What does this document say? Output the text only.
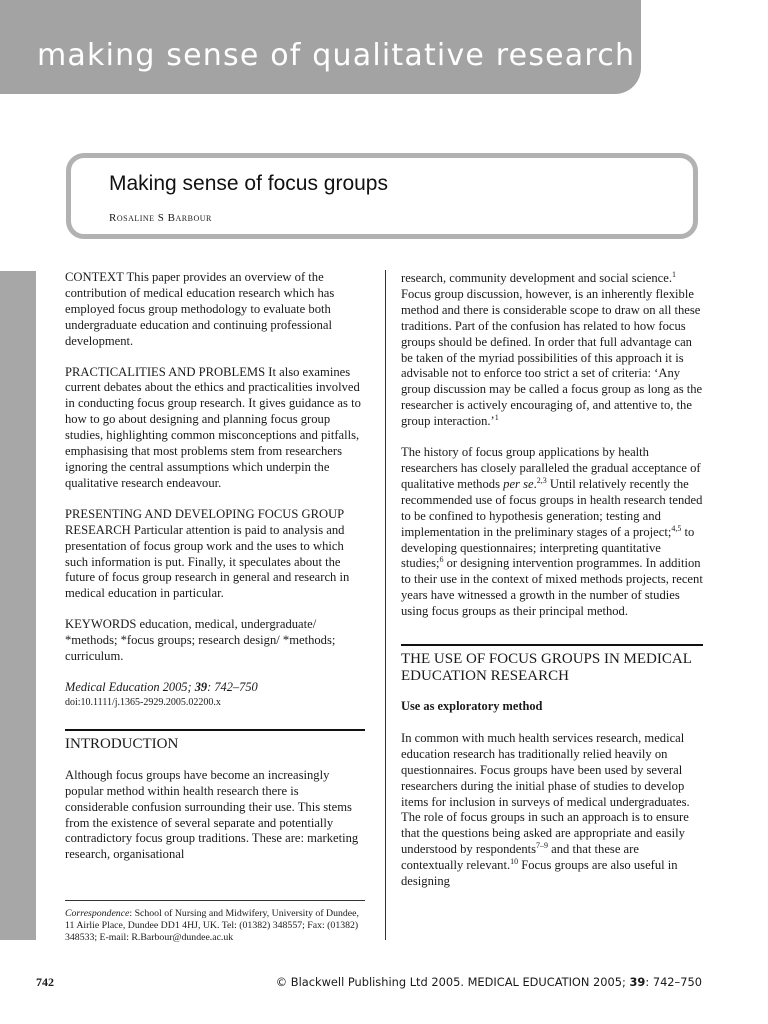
making sense of qualitative research
Making sense of focus groups
Rosaline S Barbour

CONTEXT This paper provides an overview of the contribution of medical education research which has employed focus group methodology to evaluate both undergraduate education and continuing professional development.

PRACTICALITIES AND PROBLEMS It also examines current debates about the ethics and practicalities involved in conducting focus group research. It gives guidance as to how to go about designing and planning focus group studies, highlighting common misconceptions and pitfalls, emphasising that most problems stem from researchers ignoring the central assumptions which underpin the qualitative research endeavour.

PRESENTING AND DEVELOPING FOCUS GROUP RESEARCH Particular attention is paid to analysis and presentation of focus group work and the uses to which such information is put. Finally, it speculates about the future of focus group research in general and research in medical education in particular.

KEYWORDS education, medical, undergraduate/ *methods; *focus groups; research design/ *methods; curriculum.

Medical Education 2005; 39: 742–750

doi:10.1111/j.1365-2929.2005.02200.x

INTRODUCTION

Although focus groups have become an increasingly popular method within health research there is considerable confusion surrounding their use. This stems from the existence of several separate and potentially contradictory focus group traditions. These are: marketing research, organisational

Correspondence: School of Nursing and Midwifery, University of Dundee, 11 Airlie Place, Dundee DD1 4HJ, UK. Tel: (01382) 348557; Fax: (01382) 348533; E-mail: R.Barbour@dundee.ac.uk

research, community development and social science.$^1$ Focus group discussion, however, is an inherently flexible method and there is considerable scope to draw on all these traditions. Part of the confusion has related to how focus groups should be defined. In order that full advantage can be taken of the myriad possibilities of this approach it is advisable not to enforce too strict a set of criteria: ‘Any group discussion may be called a focus group as long as the researcher is actively encouraging of, and attentive to, the group interaction.’$^1$

The history of focus group applications by health researchers has closely paralleled the gradual acceptance of qualitative methods per se.$^{2,3}$ Until relatively recently the recommended use of focus groups in health research tended to be confined to hypothesis generation; testing and implementation in the preliminary stages of a project;$^{4,5}$ to developing questionnaires; interpreting quantitative studies;$^6$ or designing intervention programmes. In addition to their use in the context of mixed methods projects, recent years have witnessed a growth in the number of studies using focus groups as their principal method.

THE USE OF FOCUS GROUPS IN MEDICAL EDUCATION RESEARCH

Use as exploratory method

In common with much health services research, medical education research has traditionally relied heavily on questionnaires. Focus groups have been used by several researchers during the initial phase of studies to develop items for inclusion in surveys of medical undergraduates. The role of focus groups in such an approach is to ensure that the questions being asked are appropriate and easily understood by respondents$^{7-9}$ and that these are contextually relevant.$^{10}$ Focus groups are also useful in designing

742	© Blackwell Publishing Ltd 2005. MEDICAL EDUCATION 2005; 39: 742–750
